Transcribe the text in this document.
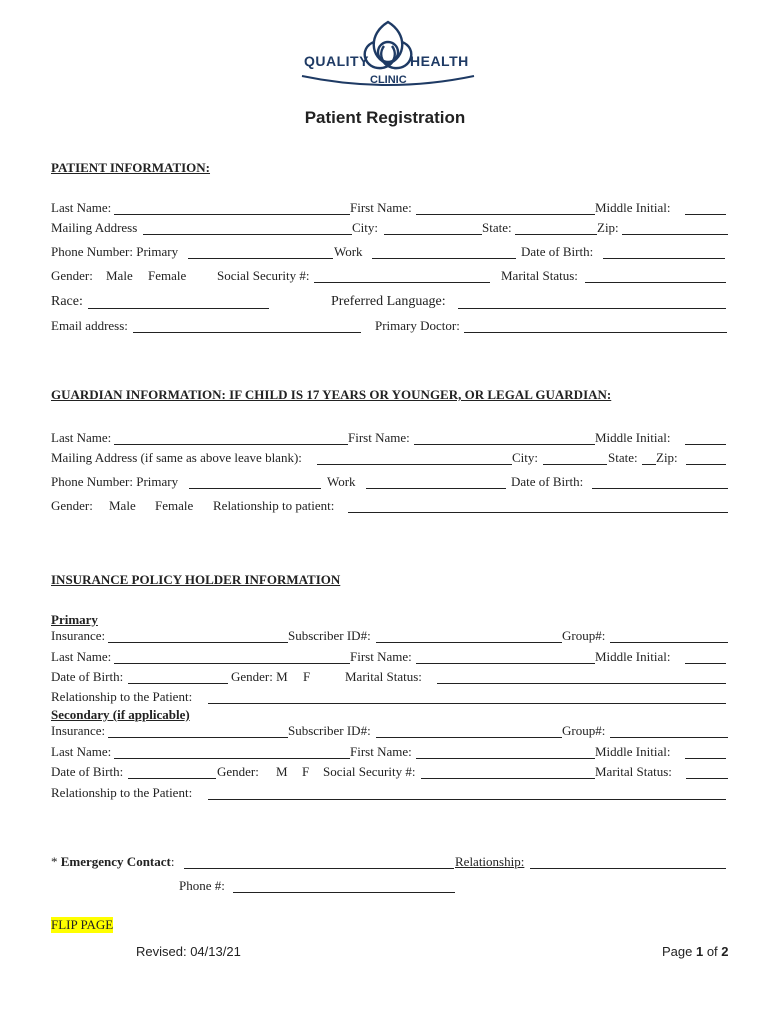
QUALITY	HEALTH
CLINIC
Patient Registration
PATIENT INFORMATION:
Last Name:	First Name:	Middle Initial:
Mailing Address	City:	State:	Zip:
Phone Number: Primary	Work	Date of Birth:
Gender: Male Female Social Security #:	Marital Status:
Race:	Preferred Language:
Email address:	Primary Doctor:
GUARDIAN INFORMATION: IF CHILD IS 17 YEARS OR YOUNGER, OR LEGAL GUARDIAN:
Last Name:	First Name:	Middle Initial:
Mailing Address (if same as above leave blank):	City:	State: Zip:
Phone Number: Primary	Work	Date of Birth:
Gender: Male Female Relationship to patient:
INSURANCE POLICY HOLDER INFORMATION
Primary
Insurance:	Subscriber ID#:	Group#:
Last Name:	First Name:	Middle Initial:
Date of Birth:	Gender: M F	Marital Status:
Relationship to the Patient:
Secondary (if applicable)
Insurance:	Subscriber ID#:	Group#:
Last Name:	First Name:	Middle Initial:
Date of Birth:	Gender: M F Social Security #:	Marital Status:
Relationship to the Patient:
* Emergency Contact:	Relationship:
Phone #:
FLIP PAGE
Revised: 04/13/21	Page 1 of 2
